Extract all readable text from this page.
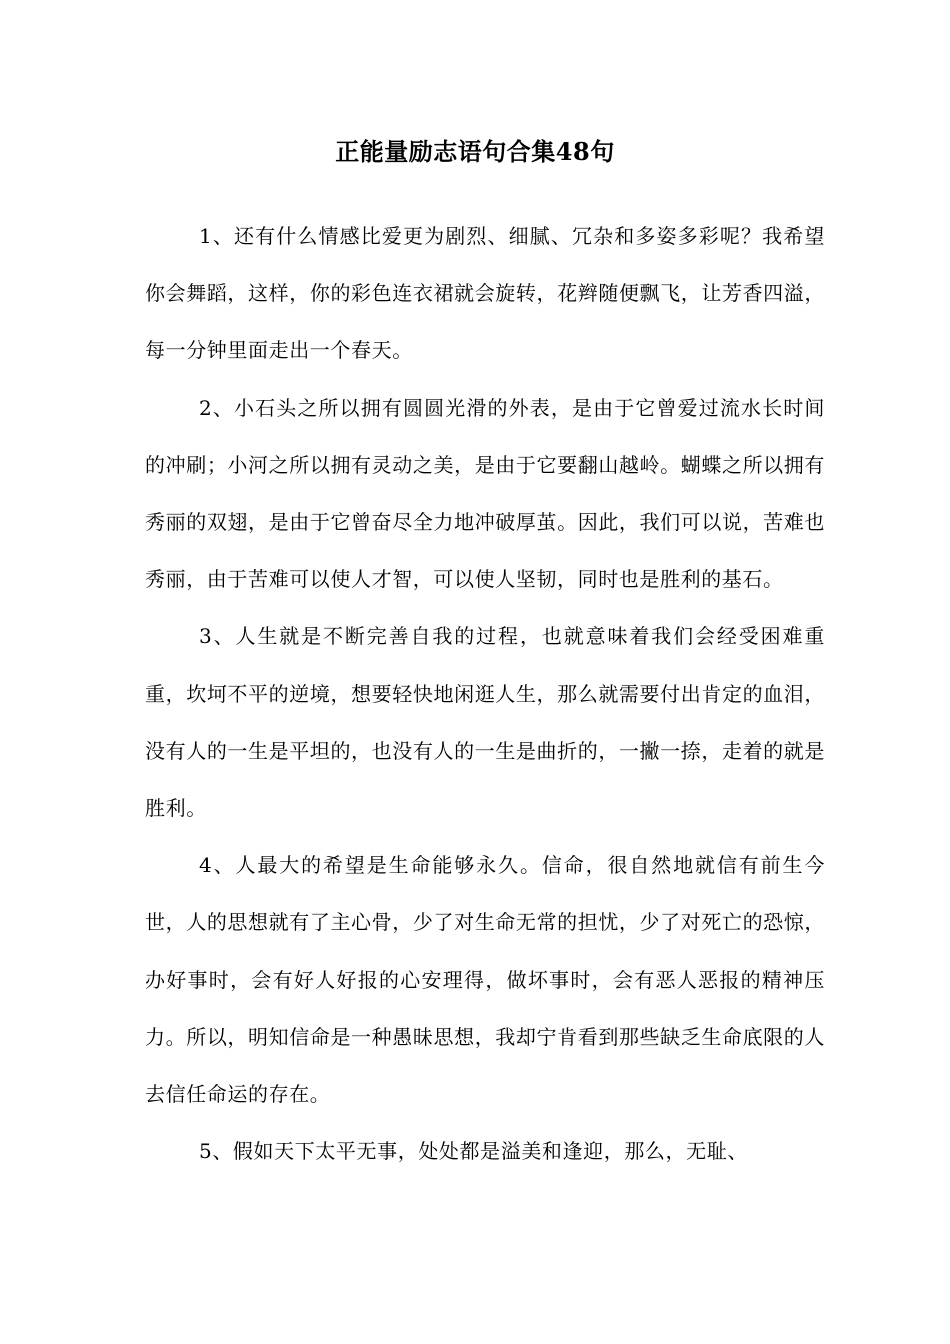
正能量励志语句合集48句

1、还有什么情感比爱更为剧烈、细腻、冗杂和多姿多彩呢？我希望你会舞蹈，这样，你的彩色连衣裙就会旋转，花辫随便飘飞，让芳香四溢，每一分钟里面走出一个春天。

2、小石头之所以拥有圆圆光滑的外表，是由于它曾爱过流水长时间的冲刷；小河之所以拥有灵动之美，是由于它要翻山越岭。蝴蝶之所以拥有秀丽的双翅，是由于它曾奋尽全力地冲破厚茧。因此，我们可以说，苦难也秀丽，由于苦难可以使人才智，可以使人坚韧，同时也是胜利的基石。

3、人生就是不断完善自我的过程，也就意味着我们会经受困难重重，坎坷不平的逆境，想要轻快地闲逛人生，那么就需要付出肯定的血泪，没有人的一生是平坦的，也没有人的一生是曲折的，一撇一捺，走着的就是胜利。

4、人最大的希望是生命能够永久。信命，很自然地就信有前生今世，人的思想就有了主心骨，少了对生命无常的担忧，少了对死亡的恐惊，办好事时，会有好人好报的心安理得，做坏事时，会有恶人恶报的精神压力。所以，明知信命是一种愚昧思想，我却宁肯看到那些缺乏生命底限的人去信任命运的存在。

5、假如天下太平无事，处处都是溢美和逢迎，那么，无耻、
